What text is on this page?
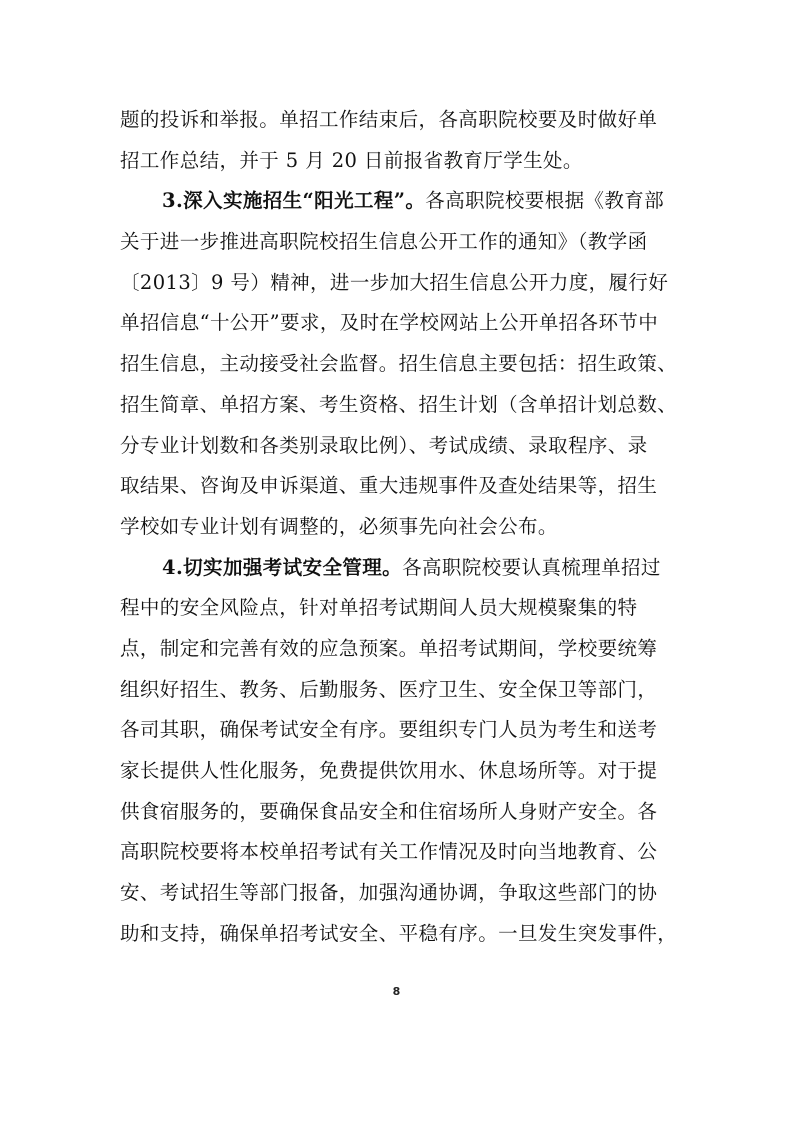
题的投诉和举报。单招工作结束后，各高职院校要及时做好单
招工作总结，并于 5 月 20 日前报省教育厅学生处。
3.深入实施招生“阳光工程”。各高职院校要根据《教育部
关于进一步推进高职院校招生信息公开工作的通知》（教学函
〔2013〕9 号）精神，进一步加大招生信息公开力度，履行好
单招信息“十公开”要求，及时在学校网站上公开单招各环节中
招生信息，主动接受社会监督。招生信息主要包括：招生政策、
招生简章、单招方案、考生资格、招生计划（含单招计划总数、
分专业计划数和各类别录取比例）、考试成绩、录取程序、录
取结果、咨询及申诉渠道、重大违规事件及查处结果等，招生
学校如专业计划有调整的，必须事先向社会公布。
4.切实加强考试安全管理。各高职院校要认真梳理单招过
程中的安全风险点，针对单招考试期间人员大规模聚集的特
点，制定和完善有效的应急预案。单招考试期间，学校要统筹
组织好招生、教务、后勤服务、医疗卫生、安全保卫等部门，
各司其职，确保考试安全有序。要组织专门人员为考生和送考
家长提供人性化服务，免费提供饮用水、休息场所等。对于提
供食宿服务的，要确保食品安全和住宿场所人身财产安全。各
高职院校要将本校单招考试有关工作情况及时向当地教育、公
安、考试招生等部门报备，加强沟通协调，争取这些部门的协
助和支持，确保单招考试安全、平稳有序。一旦发生突发事件，
8
